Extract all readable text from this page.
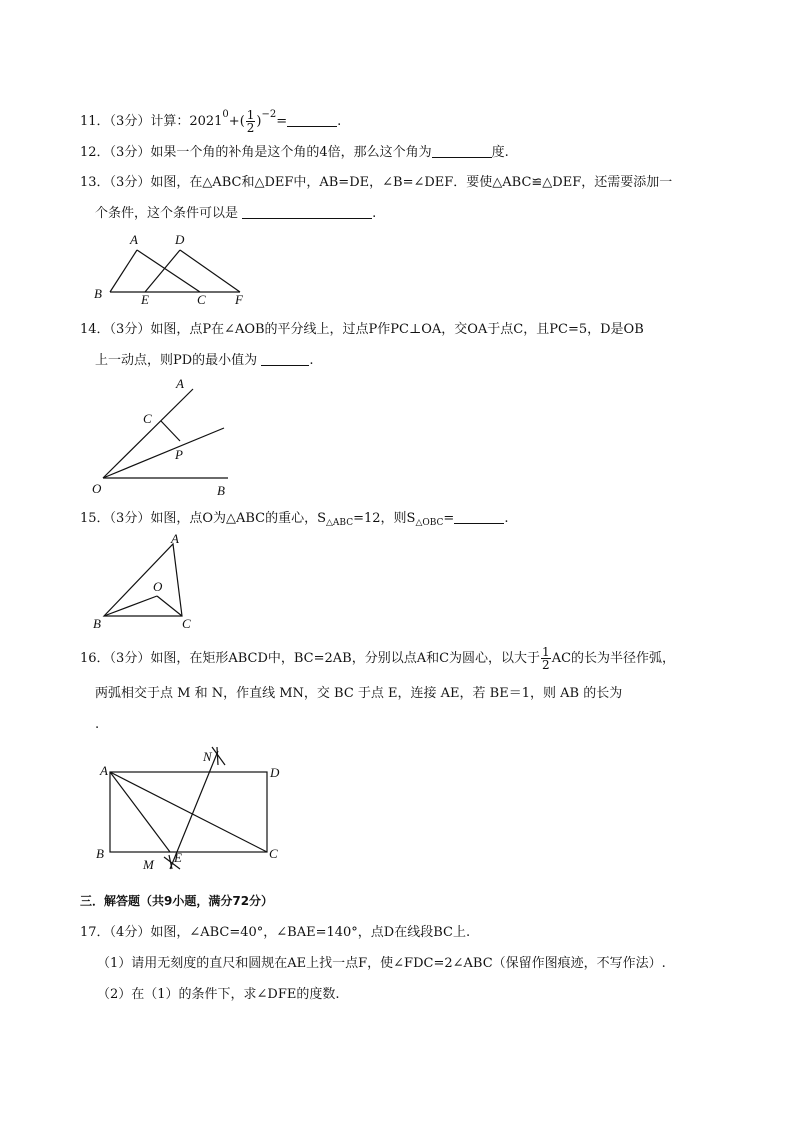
11．（3分）计算：$2021^0+( \frac{1}{2} )^{-2}=$	.
12．（3分）如果一个角的补角是这个角的4倍，那么这个角为	度.
13．（3分）如图，在△ABC和△DEF中，AB=DE，∠B=∠DEF．要使△ABC≌△DEF，还需要添加一
个条件，这个条件可以是	.
A	D
B	E	C F
14．（3分）如图，点P在∠AOB的平分线上，过点P作PC⊥OA，交OA于点C，且PC=5，D是OB
上一动点，则PD的最小值为	.
A
C
P
O	B
15．（3分）如图，点O为△ABC的重心，$S_{\triangle ABC}=12$，则$S_{\triangle OBC}=$	.
A
O
B	C
16．（3分）如图，在矩形ABCD中，BC=2AB，分别以点A和C为圆心，以大于 $\frac{1}{2}$ AC的长为半径作弧，
两弧相交于点 M 和 N，作直线 MN，交 BC 于点 E，连接 AE，若 BE＝1，则 AB 的长为
.
A	D
B	C
N
M E
三．解答题（共9小题，满分72分）
17．（4分）如图，∠ABC=40°，∠BAE=140°，点D在线段BC上.
（1）请用无刻度的直尺和圆规在AE上找一点F，使∠FDC=2∠ABC（保留作图痕迹，不写作法）.
（2）在（1）的条件下，求∠DFE的度数.
